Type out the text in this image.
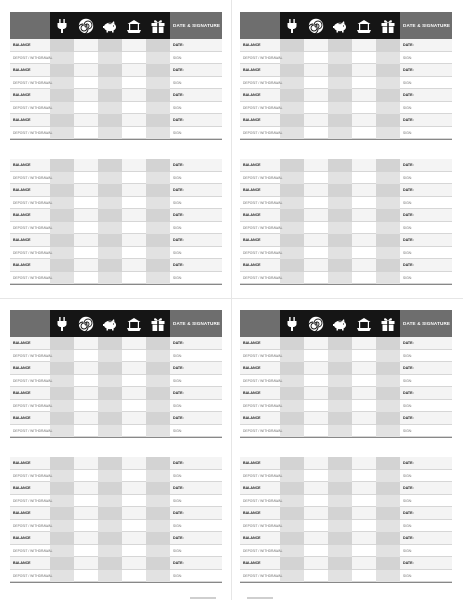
DATE & SIGNATURE
BALANCE	DATE:
DEPOSIT / WITHDRAWAL	SIGN:
BALANCE	DATE:
DEPOSIT / WITHDRAWAL	SIGN:
BALANCE	DATE:
DEPOSIT / WITHDRAWAL	SIGN:
BALANCE	DATE:
DEPOSIT / WITHDRAWAL	SIGN:
BALANCE	DATE:
DEPOSIT / WITHDRAWAL	SIGN:
BALANCE	DATE:
DEPOSIT / WITHDRAWAL	SIGN:
BALANCE	DATE:
DEPOSIT / WITHDRAWAL	SIGN:
BALANCE	DATE:
DEPOSIT / WITHDRAWAL	SIGN:
BALANCE	DATE:
DEPOSIT / WITHDRAWAL	SIGN:
DATE & SIGNATURE
BALANCE	DATE:
DEPOSIT / WITHDRAWAL	SIGN:
BALANCE	DATE:
DEPOSIT / WITHDRAWAL	SIGN:
BALANCE	DATE:
DEPOSIT / WITHDRAWAL	SIGN:
BALANCE	DATE:
DEPOSIT / WITHDRAWAL	SIGN:
BALANCE	DATE:
DEPOSIT / WITHDRAWAL	SIGN:
BALANCE	DATE:
DEPOSIT / WITHDRAWAL	SIGN:
BALANCE	DATE:
DEPOSIT / WITHDRAWAL	SIGN:
BALANCE	DATE:
DEPOSIT / WITHDRAWAL	SIGN:
BALANCE	DATE:
DEPOSIT / WITHDRAWAL	SIGN:
DATE & SIGNATURE
BALANCE	DATE:
DEPOSIT / WITHDRAWAL	SIGN:
BALANCE	DATE:
DEPOSIT / WITHDRAWAL	SIGN:
BALANCE	DATE:
DEPOSIT / WITHDRAWAL	SIGN:
BALANCE	DATE:
DEPOSIT / WITHDRAWAL	SIGN:
BALANCE	DATE:
DEPOSIT / WITHDRAWAL	SIGN:
BALANCE	DATE:
DEPOSIT / WITHDRAWAL	SIGN:
BALANCE	DATE:
DEPOSIT / WITHDRAWAL	SIGN:
BALANCE	DATE:
DEPOSIT / WITHDRAWAL	SIGN:
BALANCE	DATE:
DEPOSIT / WITHDRAWAL	SIGN:
DATE & SIGNATURE
BALANCE	DATE:
DEPOSIT / WITHDRAWAL	SIGN:
BALANCE	DATE:
DEPOSIT / WITHDRAWAL	SIGN:
BALANCE	DATE:
DEPOSIT / WITHDRAWAL	SIGN:
BALANCE	DATE:
DEPOSIT / WITHDRAWAL	SIGN:
BALANCE	DATE:
DEPOSIT / WITHDRAWAL	SIGN:
BALANCE	DATE:
DEPOSIT / WITHDRAWAL	SIGN:
BALANCE	DATE:
DEPOSIT / WITHDRAWAL	SIGN:
BALANCE	DATE:
DEPOSIT / WITHDRAWAL	SIGN:
BALANCE	DATE:
DEPOSIT / WITHDRAWAL	SIGN:
